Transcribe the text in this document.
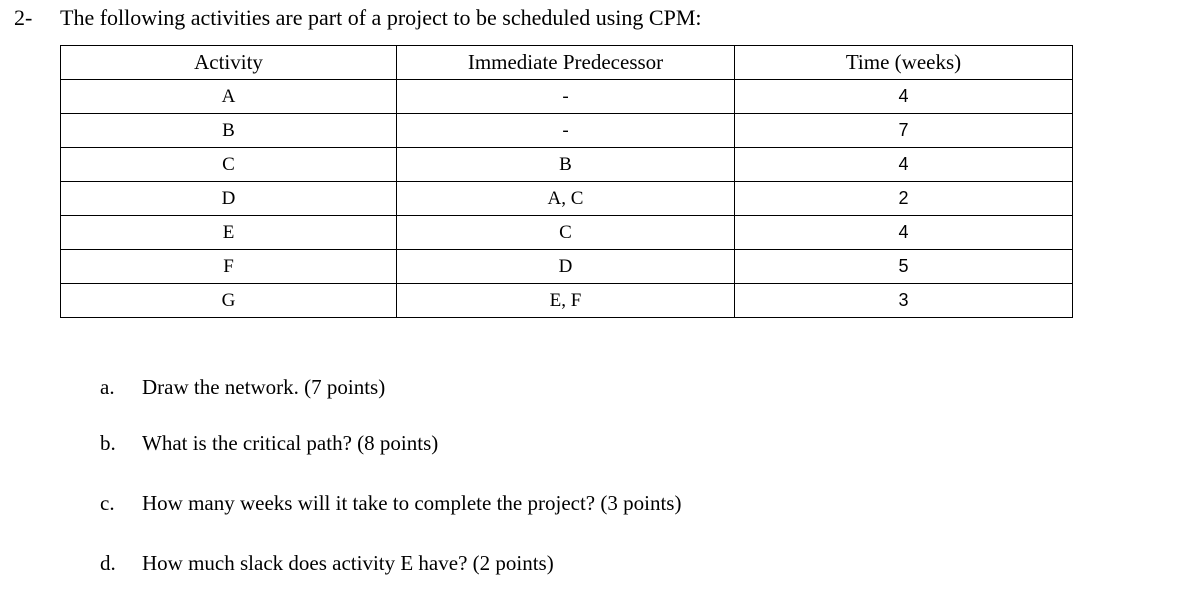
2- The following activities are part of a project to be scheduled using CPM:
Activity	Immediate Predecessor	Time (weeks)
A	-	4
B	-	7
C	B	4
D	A, C	2
E	C	4
F	D	5
G	E, F	3
a. Draw the network. (7 points)
b. What is the critical path? (8 points)
c. How many weeks will it take to complete the project? (3 points)
d. How much slack does activity E have? (2 points)
